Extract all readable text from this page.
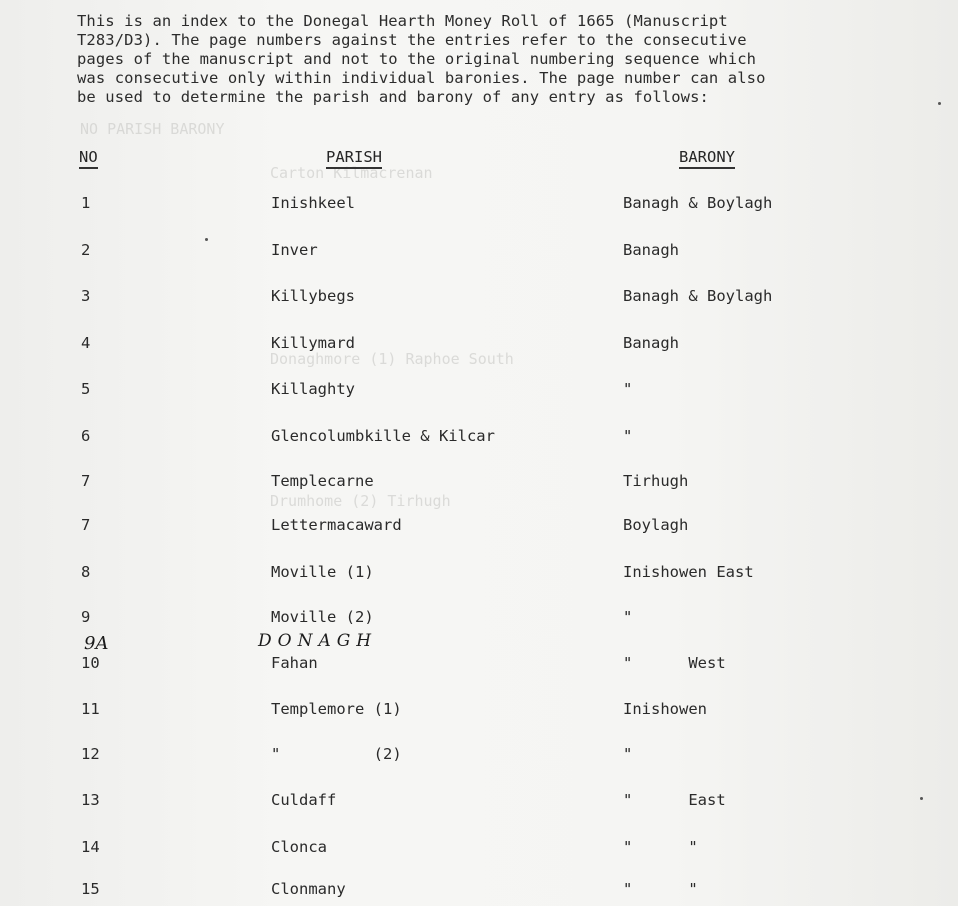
NO PARISH BARONY
Carton Kilmacrenan
Donaghmore (1) Raphoe South
Drumhome (2) Tirhugh
This is an index to the Donegal Hearth Money Roll of 1665 (Manuscript
T283/D3). The page numbers against the entries refer to the consecutive
pages of the manuscript and not to the original numbering sequence which
was consecutive only within individual baronies. The page number can also
be used to determine the parish and barony of any entry as follows:
NO	PARISH	BARONY
1	Inishkeel	Banagh & Boylagh
2	Inver	Banagh
3	Killybegs	Banagh & Boylagh
4	Killymard	Banagh
5	Killaghty	"
6	Glencolumbkille & Kilcar	"
7	Templecarne	Tirhugh
7	Lettermacaward	Boylagh
8	Moville (1)	Inishowen East
9	Moville (2)	"
10	Fahan	"      West
11	Templemore (1)	Inishowen
12	"          (2)	"
13	Culdaff	"      East
14	Clonca	"      "
15	Clonmany	"      "
9A	DONAGH
